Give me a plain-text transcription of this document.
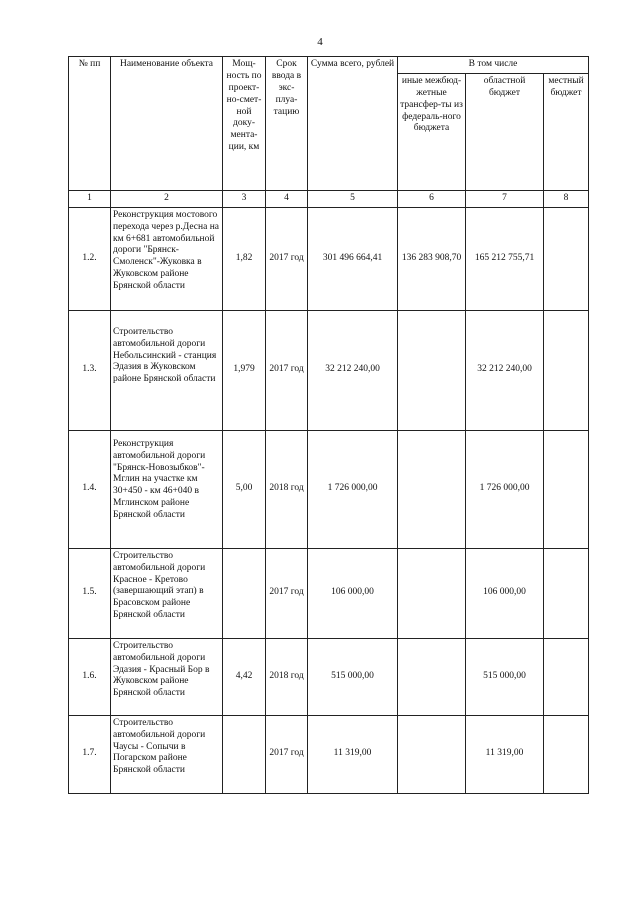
4
№ пп	Наименование объекта	Мощ-ность по проект-но-смет-ной доку-мента-ции, км	Срок ввода в экс-плуа-тацию	Сумма всего, рублей	В том числе		
					иные межбюд-жетные трансфер-ты из федераль-ного бюджета	областной бюджет	местный бюджет
1	2	3	4	5	6	7	8
1.2.	Реконструкция мостового перехода через р.Десна на км 6+681 автомобильной дороги "Брянск-Смоленск"-Жуковка в Жуковском районе Брянской области	1,82	2017 год	301 496 664,41	136 283 908,70	165 212 755,71	
1.3.	Строительство автомобильной дороги Небольсинский - станция Эдазия в Жуковском районе Брянской области	1,979	2017 год	32 212 240,00		32 212 240,00	
1.4.	Реконструкция автомобильной дороги "Брянск-Новозыбков"-Мглин на участке км 30+450 - км 46+040 в Мглинском районе Брянской области	5,00	2018 год	1 726 000,00		1 726 000,00	
1.5.	Строительство автомобильной дороги Красное - Кретово (завершающий этап) в Брасовском районе Брянской области		2017 год	106 000,00		106 000,00	
1.6.	Строительство автомобильной дороги Эдазия - Красный Бор в Жуковском районе Брянской области	4,42	2018 год	515 000,00		515 000,00	
1.7.	Строительство автомобильной дороги Чаусы - Сопычи в Погарском районе Брянской области		2017 год	11 319,00		11 319,00	
